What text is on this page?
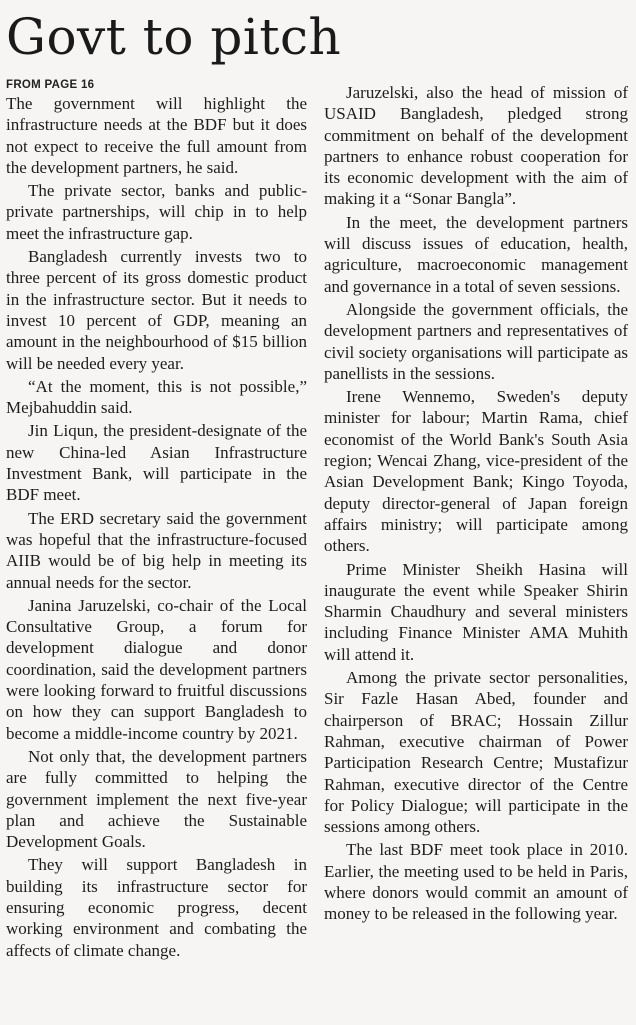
Govt to pitch

FROM PAGE 16

The government will highlight the infrastructure needs at the BDF but it does not expect to receive the full amount from the development partners, he said.

The private sector, banks and public-private partnerships, will chip in to help meet the infrastructure gap.

Bangladesh currently invests two to three percent of its gross domestic product in the infrastructure sector. But it needs to invest 10 percent of GDP, meaning an amount in the neighbourhood of $15 billion will be needed every year.

“At the moment, this is not possible,” Mejbahuddin said.

Jin Liqun, the president-designate of the new China-led Asian Infrastructure Investment Bank, will participate in the BDF meet.

The ERD secretary said the government was hopeful that the infrastructure-focused AIIB would be of big help in meeting its annual needs for the sector.

Janina Jaruzelski, co-chair of the Local Consultative Group, a forum for development dialogue and donor coordination, said the development partners were looking forward to fruitful discussions on how they can support Bangladesh to become a middle-income country by 2021.

Not only that, the development partners are fully committed to helping the government implement the next five-year plan and achieve the Sustainable Development Goals.

They will support Bangladesh in building its infrastructure sector for ensuring economic progress, decent working environment and combating the affects of climate change.

Jaruzelski, also the head of mission of USAID Bangladesh, pledged strong commitment on behalf of the development partners to enhance robust cooperation for its economic development with the aim of making it a “Sonar Bangla”.

In the meet, the development partners will discuss issues of education, health, agriculture, macroeconomic management and governance in a total of seven sessions.

Alongside the government officials, the development partners and representatives of civil society organisations will participate as panellists in the sessions.

Irene Wennemo, Sweden's deputy minister for labour; Martin Rama, chief economist of the World Bank's South Asia region; Wencai Zhang, vice-president of the Asian Development Bank; Kingo Toyoda, deputy director-general of Japan foreign affairs ministry; will participate among others.

Prime Minister Sheikh Hasina will inaugurate the event while Speaker Shirin Sharmin Chaudhury and several ministers including Finance Minister AMA Muhith will attend it.

Among the private sector personalities, Sir Fazle Hasan Abed, founder and chairperson of BRAC; Hossain Zillur Rahman, executive chairman of Power Participation Research Centre; Mustafizur Rahman, executive director of the Centre for Policy Dialogue; will participate in the sessions among others.

The last BDF meet took place in 2010. Earlier, the meeting used to be held in Paris, where donors would commit an amount of money to be released in the following year.
